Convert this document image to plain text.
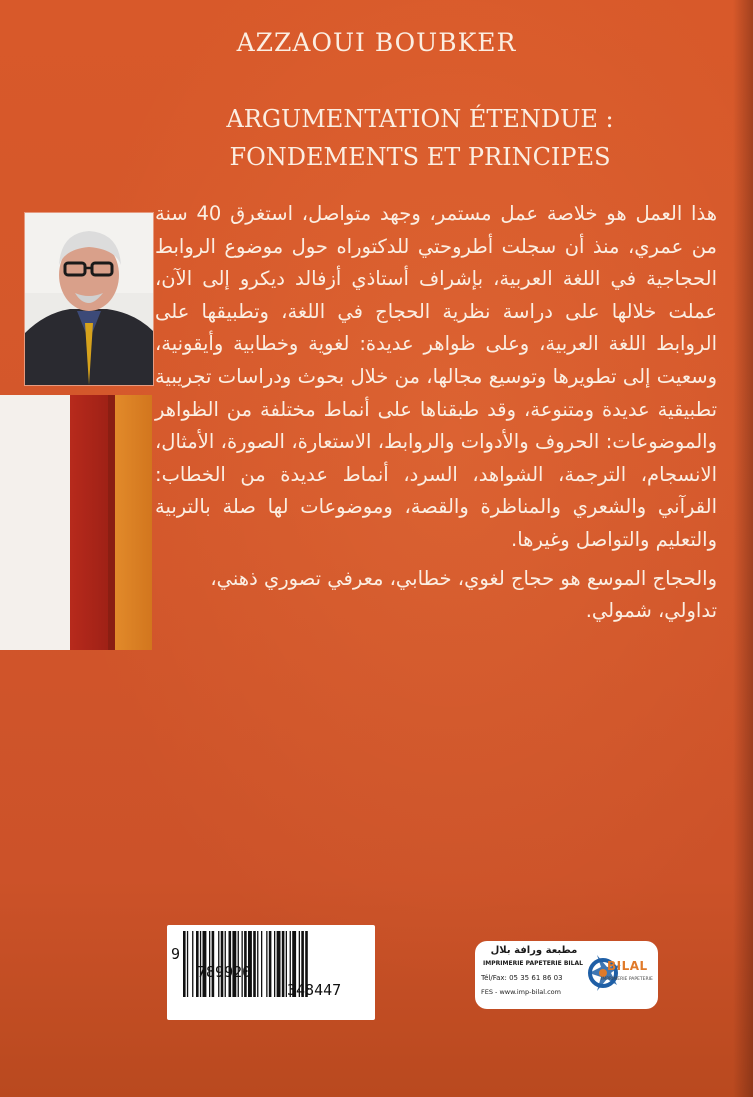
AZZAOUI BOUBKER
ARGUMENTATION ÉTENDUE :
FONDEMENTS ET PRINCIPES

هذا العمل هو خلاصة عمل مستمر، وجهد متواصل، استغرق 40 سنة من عمري، منذ أن سجلت أطروحتي للدكتوراه حول موضوع الروابط الحجاجية في اللغة العربية، بإشراف أستاذي أزفالد ديكرو إلى الآن، عملت خلالها على دراسة نظرية الحجاج في اللغة، وتطبيقها على الروابط اللغة العربية، وعلى ظواهر عديدة: لغوية وخطابية وأيقونية، وسعيت إلى تطويرها وتوسيع مجالها، من خلال بحوث ودراسات تجريبية تطبيقية عديدة ومتنوعة، وقد طبقناها على أنماط مختلفة من الظواهر والموضوعات: الحروف والأدوات والروابط، الاستعارة، الصورة، الأمثال، الانسجام، الترجمة، الشواهد، السرد، أنماط عديدة من الخطاب: القرآني والشعري والمناظرة والقصة، وموضوعات لها صلة بالتربية والتعليم والتواصل وغيرها.

والحجاج الموسع هو حجاج لغوي، خطابي، معرفي تصوري ذهني، تداولي، شمولي.

9

789920

348447

مطبعة ورافة بلال
IMPRIMERIE PAPETERIE BILAL
Tél/Fax: 05 35 61 86 03
FES - www.imp-bilal.com
BILAL
IMPRIMERIE PAPETERIE
